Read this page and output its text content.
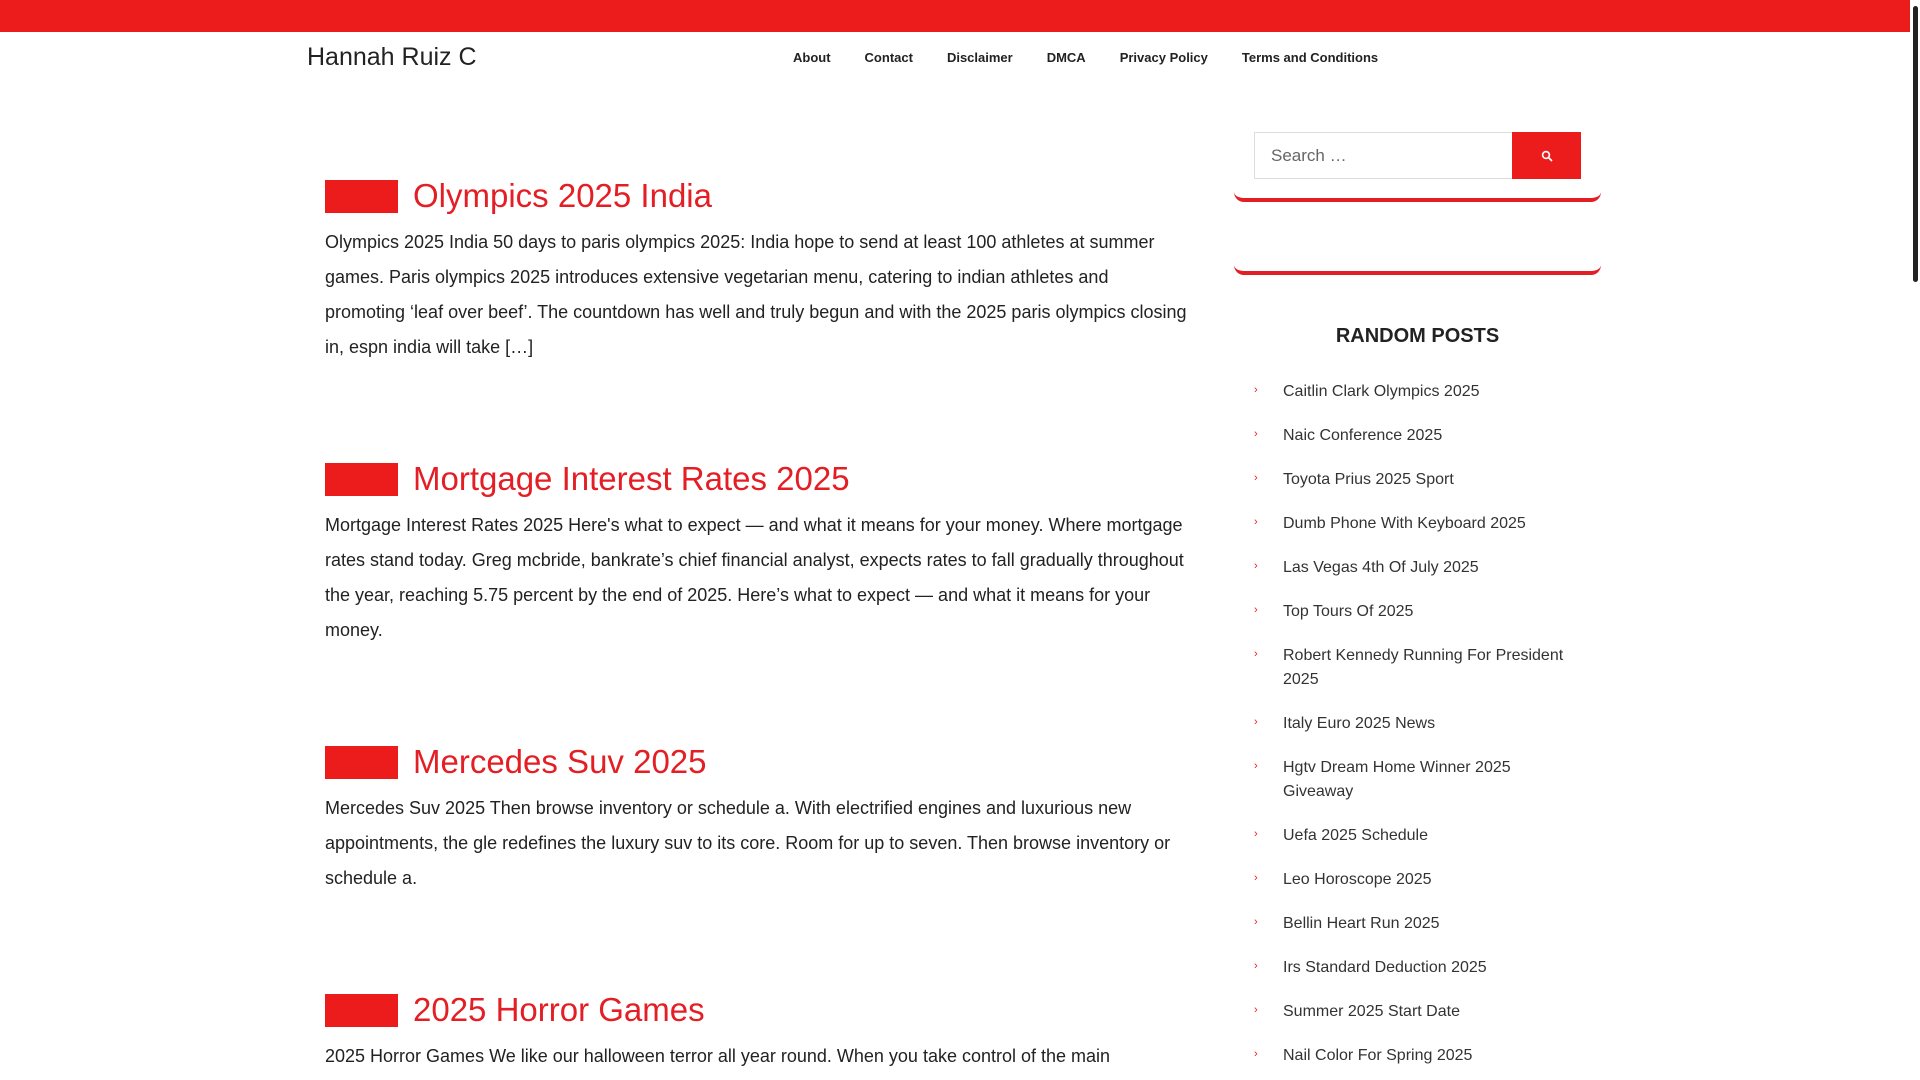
Hannah Ruiz C	About	Contact	Disclaimer	DMCA	Privacy Policy	Terms and Conditions
Olympics 2025 India

Olympics 2025 India 50 days to paris olympics 2025: India hope to send at least 100 athletes at summer games. Paris olympics 2025 introduces extensive vegetarian menu, catering to indian athletes and promoting ‘leaf over beef’. The countdown has well and truly begun and with the 2025 paris olympics closing in, espn india will take […]

Mortgage Interest Rates 2025

Mortgage Interest Rates 2025 Here's what to expect — and what it means for your money. Where mortgage rates stand today. Greg mcbride, bankrate’s chief financial analyst, expects rates to fall gradually throughout the year, reaching 5.75 percent by the end of 2025. Here’s what to expect — and what it means for your money.

Mercedes Suv 2025

Mercedes Suv 2025 Then browse inventory or schedule a. With electrified engines and luxurious new appointments, the gle redefines the luxury suv to its core. Room for up to seven. Then browse inventory or schedule a.

2025 Horror Games

2025 Horror Games We like our halloween terror all year round. When you take control of the main

Search …
RANDOM POSTS
›	Caitlin Clark Olympics 2025
›	Naic Conference 2025
›	Toyota Prius 2025 Sport
›	Dumb Phone With Keyboard 2025
›	Las Vegas 4th Of July 2025
›	Top Tours Of 2025
›	Robert Kennedy Running For President 2025
›	Italy Euro 2025 News
›	Hgtv Dream Home Winner 2025 Giveaway
›	Uefa 2025 Schedule
›	Leo Horoscope 2025
›	Bellin Heart Run 2025
›	Irs Standard Deduction 2025
›	Summer 2025 Start Date
›	Nail Color For Spring 2025
